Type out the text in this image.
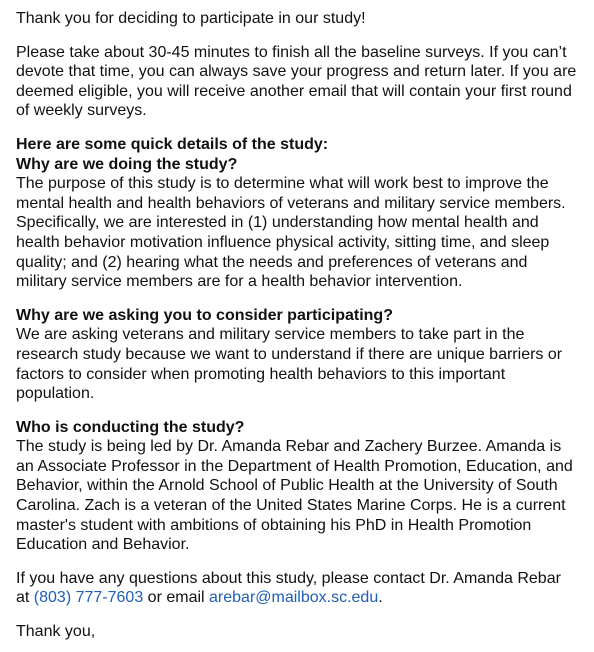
Thank you for deciding to participate in our study!

Please take about 30-45 minutes to finish all the baseline surveys. If you can’t devote that time, you can always save your progress and return later. If you are deemed eligible, you will receive another email that will contain your first round of weekly surveys.

Here are some quick details of the study:
Why are we doing the study?
The purpose of this study is to determine what will work best to improve the mental health and health behaviors of veterans and military service members. Specifically, we are interested in (1) understanding how mental health and health behavior motivation influence physical activity, sitting time, and sleep quality; and (2) hearing what the needs and preferences of veterans and military service members are for a health behavior intervention.

Why are we asking you to consider participating?
We are asking veterans and military service members to take part in the research study because we want to understand if there are unique barriers or factors to consider when promoting health behaviors to this important population.

Who is conducting the study?
The study is being led by Dr. Amanda Rebar and Zachery Burzee. Amanda is an Associate Professor in the Department of Health Promotion, Education, and Behavior, within the Arnold School of Public Health at the University of South Carolina. Zach is a veteran of the United States Marine Corps. He is a current master's student with ambitions of obtaining his PhD in Health Promotion Education and Behavior.

If you have any questions about this study, please contact Dr. Amanda Rebar at (803) 777-7603 or email arebar@mailbox.sc.edu.

Thank you,
